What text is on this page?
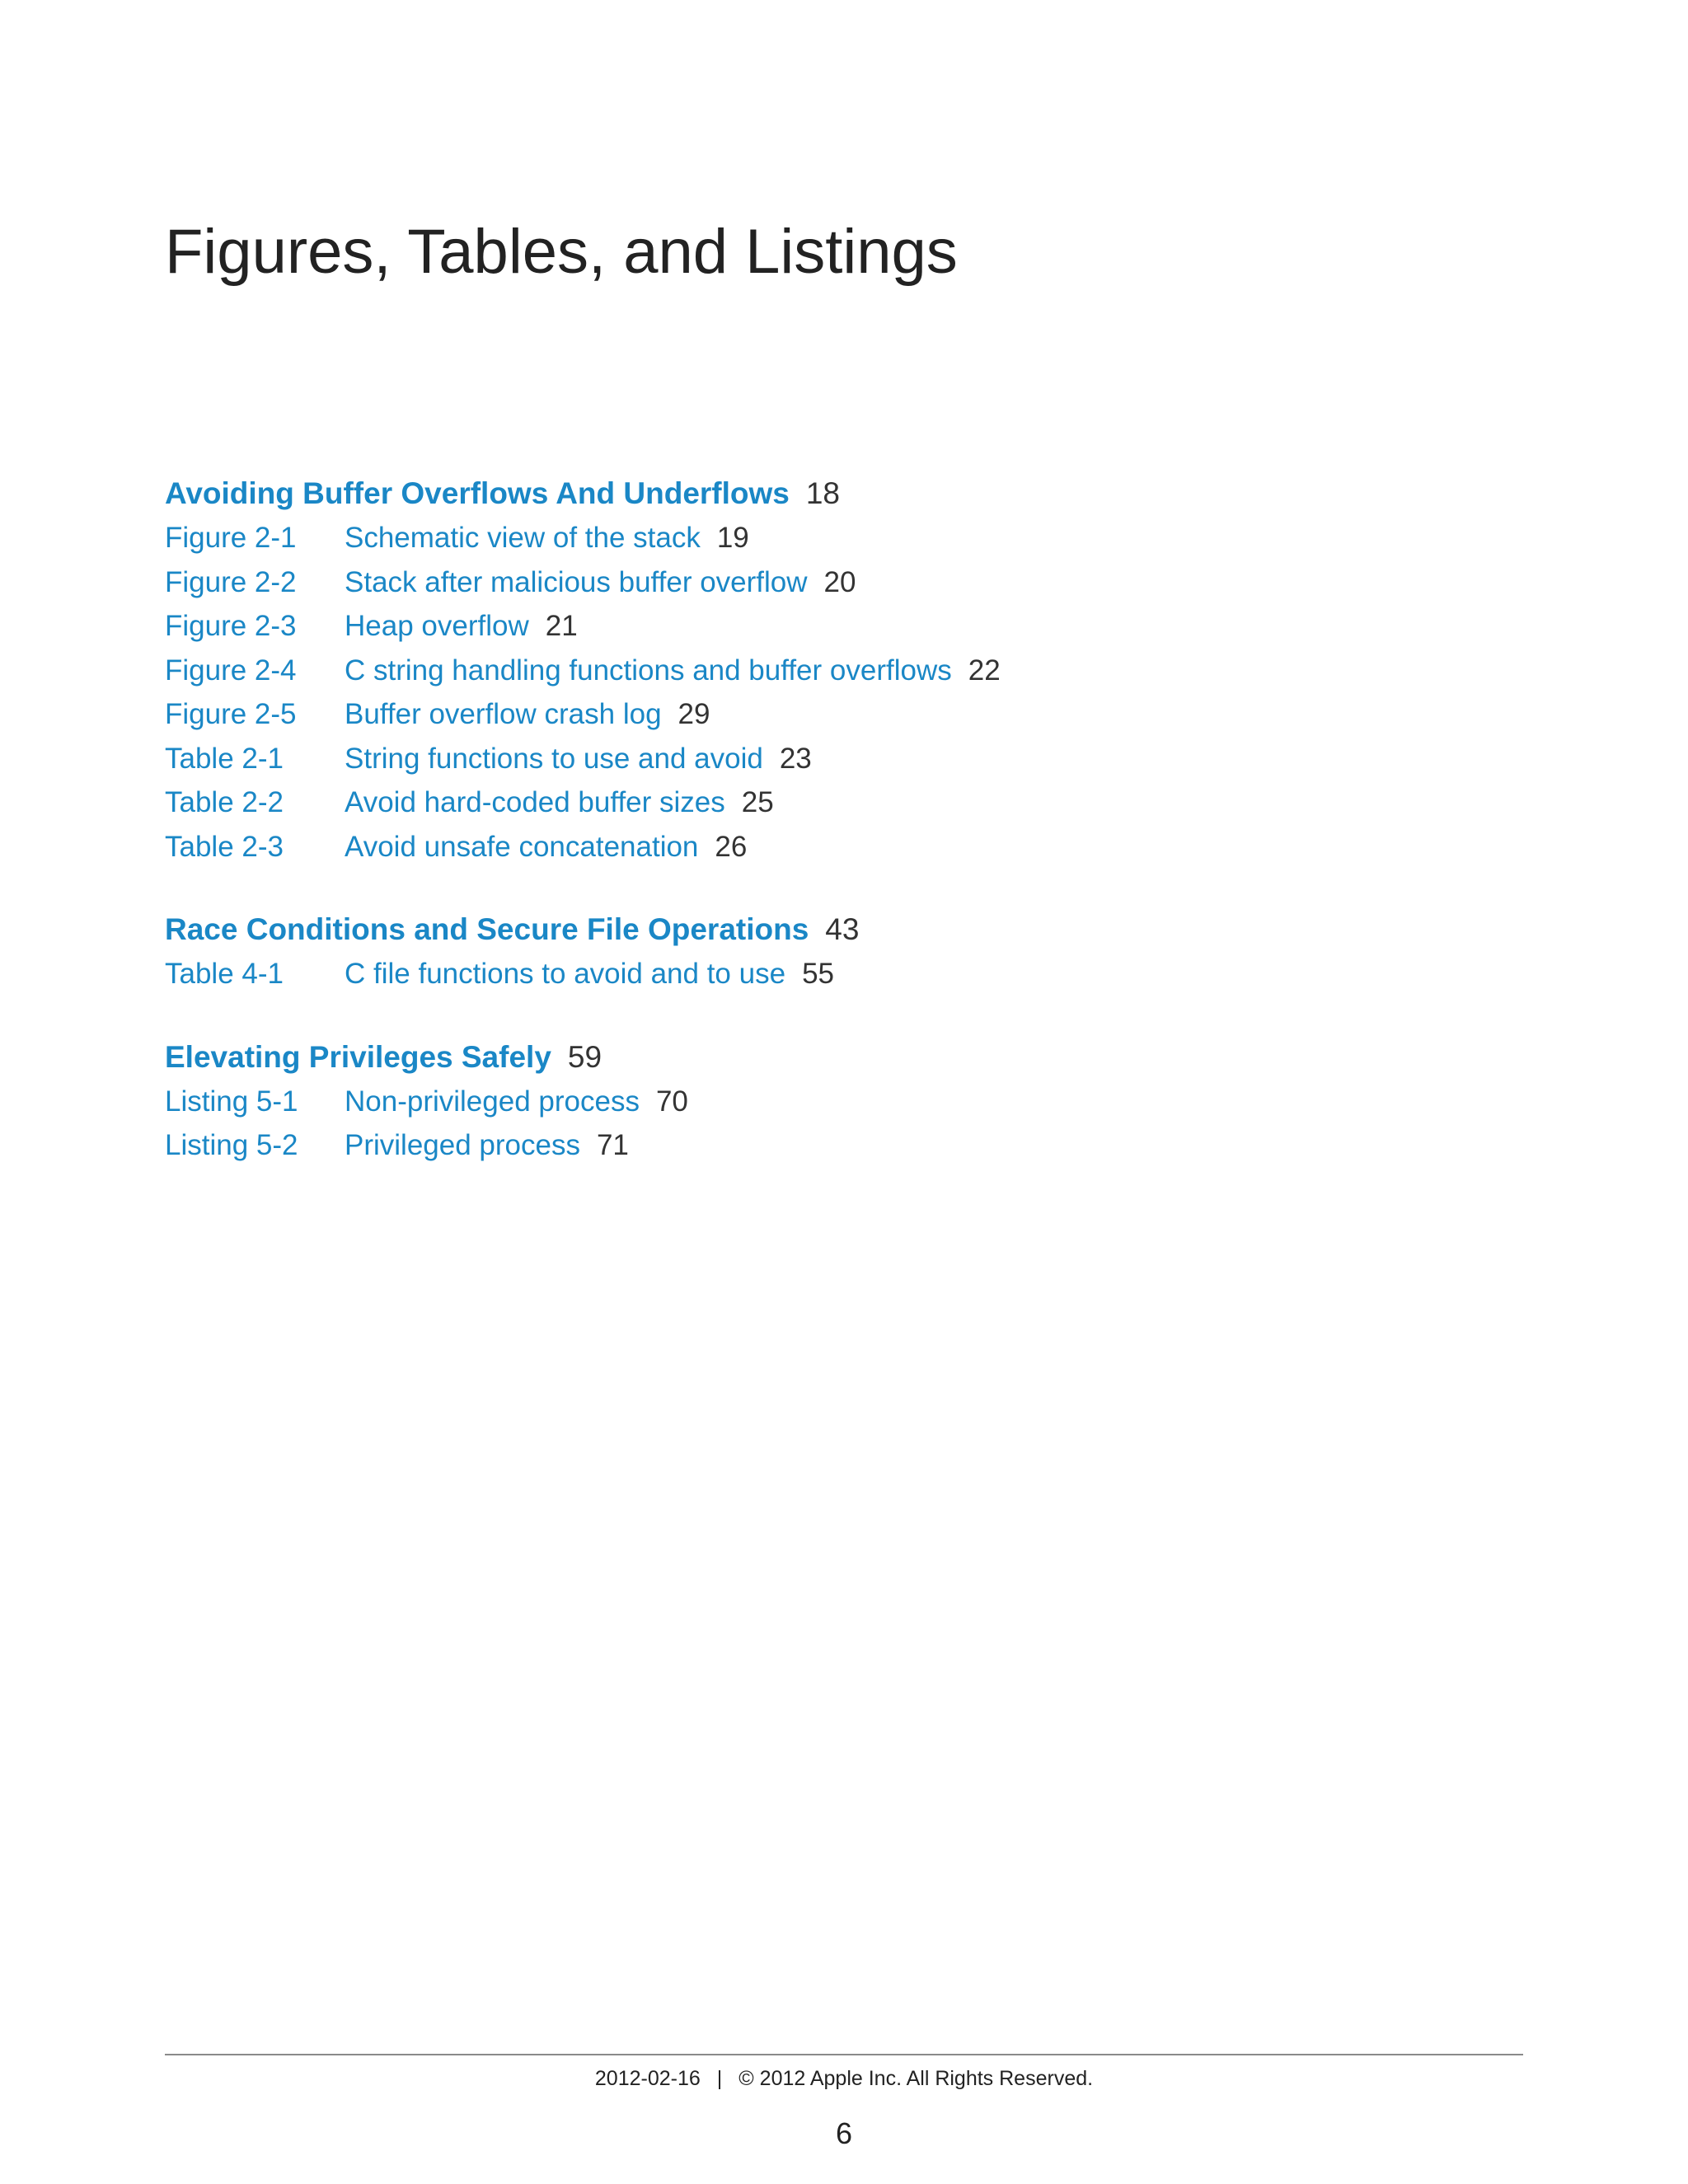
Figures, Tables, and Listings
Avoiding Buffer Overflows And Underflows 18
Figure 2-1	Schematic view of the stack 19
Figure 2-2	Stack after malicious buffer overflow 20
Figure 2-3	Heap overflow 21
Figure 2-4	C string handling functions and buffer overflows 22
Figure 2-5	Buffer overflow crash log 29
Table 2-1	String functions to use and avoid 23
Table 2-2	Avoid hard-coded buffer sizes 25
Table 2-3	Avoid unsafe concatenation 26
Race Conditions and Secure File Operations 43
Table 4-1	C file functions to avoid and to use 55
Elevating Privileges Safely 59
Listing 5-1	Non-privileged process 70
Listing 5-2	Privileged process 71
2012-02-16 | © 2012 Apple Inc. All Rights Reserved.
6
